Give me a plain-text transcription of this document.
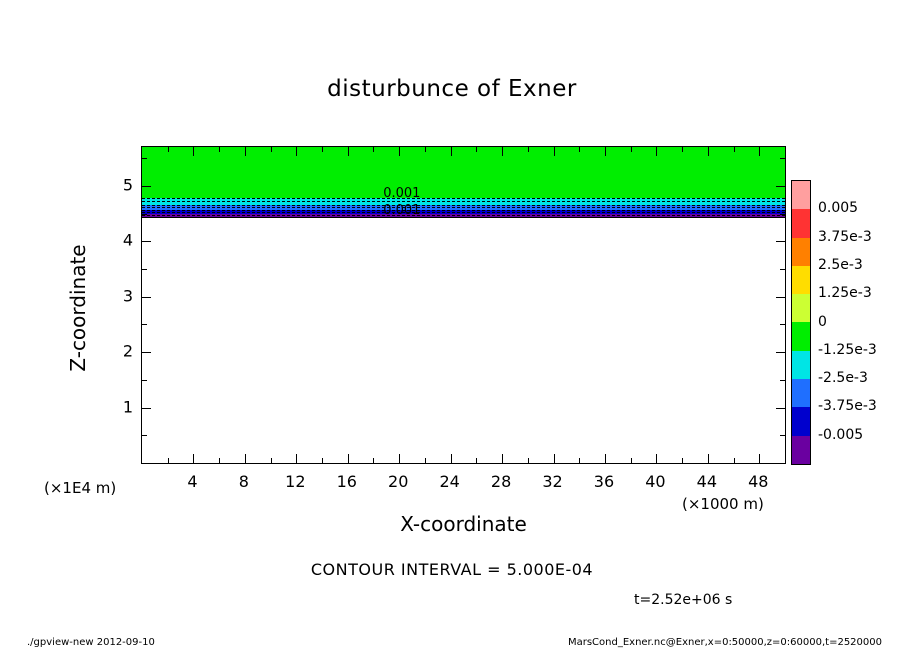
disturbunce of Exner
0.001
0.001
X-coordinate
Z-coordinate
(×1E4 m)
(×1000 m)
CONTOUR INTERVAL = 5.000E-04
t=2.52e+06 s
./gpview-new 2012-09-10	MarsCond_Exner.nc@Exner,x=0:50000,z=0:60000,t=2520000
4	8 12 16 20 24 28 32 36 40 44 48
1
2
3
4
5
0.005
3.75e-3
2.5e-3
1.25e-3
0
-1.25e-3
-2.5e-3
-3.75e-3
-0.005
